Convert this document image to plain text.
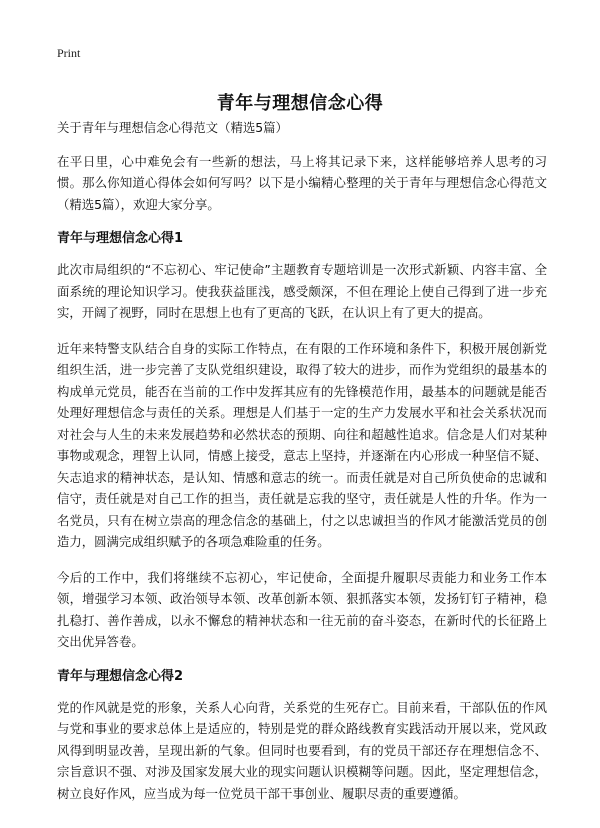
Print
青年与理想信念心得

关于青年与理想信念心得范文（精选5篇）

在平日里，心中难免会有一些新的想法，马上将其记录下来，这样能够培养人思考的习惯。那么你知道心得体会如何写吗？以下是小编精心整理的关于青年与理想信念心得范文（精选5篇），欢迎大家分享。

青年与理想信念心得1

此次市局组织的“不忘初心、牢记使命”主题教育专题培训是一次形式新颖、内容丰富、全面系统的理论知识学习。使我获益匪浅，感受颇深，不但在理论上使自己得到了进一步充实，开阔了视野，同时在思想上也有了更高的飞跃，在认识上有了更大的提高。

近年来特警支队结合自身的实际工作特点，在有限的工作环境和条件下，积极开展创新党组织生活，进一步完善了支队党组织建设，取得了较大的进步，而作为党组织的最基本的构成单元党员，能否在当前的工作中发挥其应有的先锋模范作用，最基本的问题就是能否处理好理想信念与责任的关系。理想是人们基于一定的生产力发展水平和社会关系状况而对社会与人生的未来发展趋势和必然状态的预期、向往和超越性追求。信念是人们对某种事物或观念，理智上认同，情感上接受，意志上坚持，并逐渐在内心形成一种坚信不疑、矢志追求的精神状态，是认知、情感和意志的统一。而责任就是对自己所负使命的忠诚和信守，责任就是对自己工作的担当，责任就是忘我的坚守，责任就是人性的升华。作为一名党员，只有在树立崇高的理念信念的基础上，付之以忠诚担当的作风才能激活党员的创造力，圆满完成组织赋予的各项急难险重的任务。

今后的工作中，我们将继续不忘初心，牢记使命，全面提升履职尽责能力和业务工作本领，增强学习本领、政治领导本领、改革创新本领、狠抓落实本领，发扬钉钉子精神，稳扎稳打、善作善成，以永不懈怠的精神状态和一往无前的奋斗姿态，在新时代的长征路上交出优异答卷。

青年与理想信念心得2

党的作风就是党的形象，关系人心向背，关系党的生死存亡。目前来看，干部队伍的作风与党和事业的要求总体上是适应的，特别是党的群众路线教育实践活动开展以来，党风政风得到明显改善，呈现出新的气象。但同时也要看到，有的党员干部还存在理想信念不、宗旨意识不强、对涉及国家发展大业的现实问题认识模糊等问题。因此，坚定理想信念，树立良好作风，应当成为每一位党员干部干事创业、履职尽责的重要遵循。
